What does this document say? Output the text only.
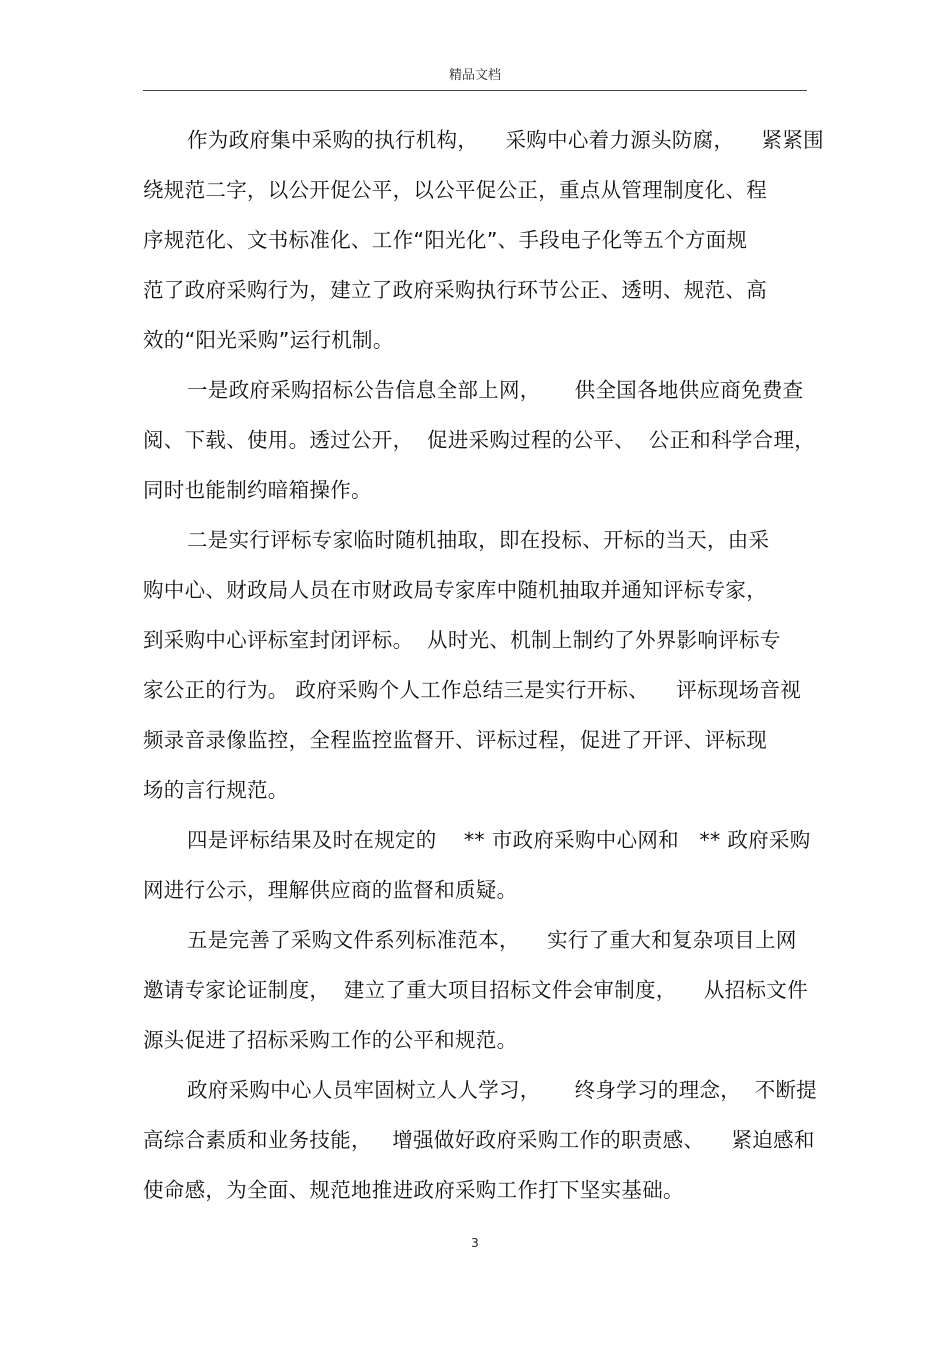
精品文档
作为政府集中采购的执行机构，    采购中心着力源头防腐，    紧紧围
绕规范二字，以公开促公平，以公平促公正，重点从管理制度化、程
序规范化、文书标准化、工作“阳光化”、手段电子化等五个方面规
范了政府采购行为，建立了政府采购执行环节公正、透明、规范、高
效的“阳光采购”运行机制。
一是政府采购招标公告信息全部上网，     供全国各地供应商免费查
阅、下载、使用。透过公开，  促进采购过程的公平、  公正和科学合理，
同时也能制约暗箱操作。
二是实行评标专家临时随机抽取，即在投标、开标的当天，由采
购中心、财政局人员在市财政局专家库中随机抽取并通知评标专家，
到采购中心评标室封闭评标。  从时光、机制上制约了外界影响评标专
家公正的行为。 政府采购个人工作总结三是实行开标、    评标现场音视
频录音录像监控，全程监控监督开、评标过程，促进了开评、评标现
场的言行规范。
四是评标结果及时在规定的    ** 市政府采购中心网和   ** 政府采购
网进行公示，理解供应商的监督和质疑。
五是完善了采购文件系列标准范本，    实行了重大和复杂项目上网
邀请专家论证制度，  建立了重大项目招标文件会审制度，    从招标文件
源头促进了招标采购工作的公平和规范。
政府采购中心人员牢固树立人人学习，     终身学习的理念，  不断提
高综合素质和业务技能，   增强做好政府采购工作的职责感、    紧迫感和
使命感，为全面、规范地推进政府采购工作打下坚实基础。
3
